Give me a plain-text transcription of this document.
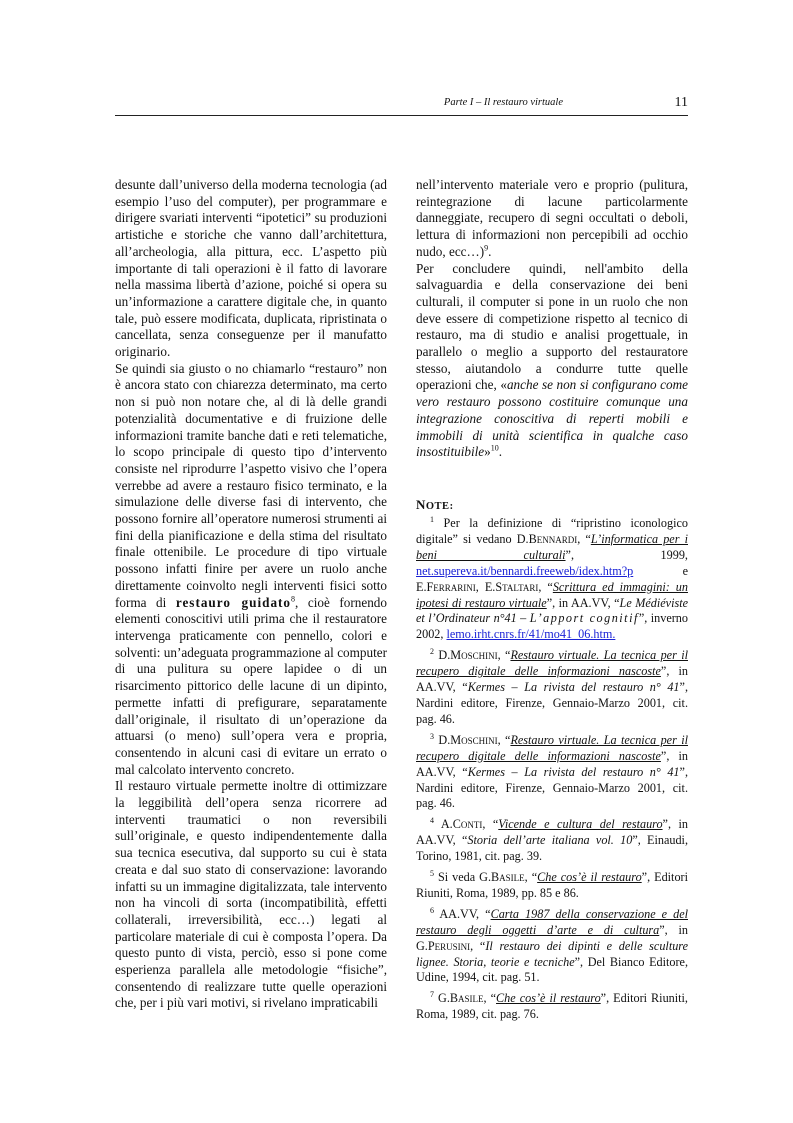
Parte I – Il restauro virtuale	11

desunte dall’universo della moderna tecnologia (ad esempio l’uso del computer), per programmare e dirigere svariati interventi “ipotetici” su produzioni artistiche e storiche che vanno dall’architettura, all’archeologia, alla pittura, ecc. L’aspetto più importante di tali operazioni è il fatto di lavorare nella massima libertà d’azione, poiché si opera su un’informazione a carattere digitale che, in quanto tale, può essere modificata, duplicata, ripristinata o cancellata, senza conseguenze per il manufatto originario.

Se quindi sia giusto o no chiamarlo “restauro” non è ancora stato con chiarezza determinato, ma certo non si può non notare che, al di là delle grandi potenzialità documentative e di fruizione delle informazioni tramite banche dati e reti telematiche, lo scopo principale di questo tipo d’intervento consiste nel riprodurre l’aspetto visivo che l’opera verrebbe ad avere a restauro fisico terminato, e la simulazione delle diverse fasi di intervento, che possono fornire all’operatore numerosi strumenti ai fini della pianificazione e della stima del risultato finale ottenibile. Le procedure di tipo virtuale possono infatti finire per avere un ruolo anche direttamente coinvolto negli interventi fisici sotto forma di restauro guidato$^8$, cioè fornendo elementi conoscitivi utili prima che il restauratore intervenga praticamente con pennello, colori e solventi: un’adeguata programmazione al computer di una pulitura su opere lapidee o di un risarcimento pittorico delle lacune di un dipinto, permette infatti di prefigurare, separatamente dall’originale, il risultato di un’operazione da attuarsi (o meno) sull’opera vera e propria, consentendo in alcuni casi di evitare un errato o mal calcolato intervento concreto.

Il restauro virtuale permette inoltre di ottimizzare la leggibilità dell’opera senza ricorrere ad interventi traumatici o non reversibili sull’originale, e questo indipendentemente dalla sua tecnica esecutiva, dal supporto su cui è stata creata e dal suo stato di conservazione: lavorando infatti su un immagine digitalizzata, tale intervento non ha vincoli di sorta (incompatibilità, effetti collaterali, irreversibilità, ecc…) legati al particolare materiale di cui è composta l’opera. Da questo punto di vista, perciò, esso si pone come esperienza parallela alle metodologie “fisiche”, consentendo di realizzare tutte quelle operazioni che, per i più vari motivi, si rivelano impraticabili

nell’intervento materiale vero e proprio (pulitura, reintegrazione di lacune particolarmente danneggiate, recupero di segni occultati o deboli, lettura di informazioni non percepibili ad occhio nudo, ecc…)$^9$.

Per concludere quindi, nell'ambito della salvaguardia e della conservazione dei beni culturali, il computer si pone in un ruolo che non deve essere di competizione rispetto al tecnico di restauro, ma di studio e analisi progettuale, in parallelo o meglio a supporto del restauratore stesso, aiutandolo a condurre tutte quelle operazioni che, «anche se non si configurano come vero restauro possono costituire comunque una integrazione conoscitiva di reperti mobili e immobili di unità scientifica in qualche caso insostituibile»$^{10}$.

NOTE:

$^1$ Per la definizione di “ripristino iconologico digitale” si vedano D.Bennardi, “L’informatica per i beni culturali”, 1999, net.supereva.it/bennardi.freeweb/idex.htm?p e E.Ferrarini, E.Staltari, “Scrittura ed immagini: un ipotesi di restauro virtuale”, in AA.VV, “Le Médiéviste et l’Ordinateur n°41 – L’apport cognitif”, inverno 2002, lemo.irht.cnrs.fr/41/mo41_06.htm.

$^2$ D.Moschini, “Restauro virtuale. La tecnica per il recupero digitale delle informazioni nascoste”, in AA.VV, “Kermes – La rivista del restauro n° 41”, Nardini editore, Firenze, Gennaio-Marzo 2001, cit. pag. 46.

$^3$ D.Moschini, “Restauro virtuale. La tecnica per il recupero digitale delle informazioni nascoste”, in AA.VV, “Kermes – La rivista del restauro n° 41”, Nardini editore, Firenze, Gennaio-Marzo 2001, cit. pag. 46.

$^4$ A.Conti, “Vicende e cultura del restauro”, in AA.VV, “Storia dell’arte italiana vol. 10”, Einaudi, Torino, 1981, cit. pag. 39.

$^5$ Si veda G.Basile, “Che cos’è il restauro”, Editori Riuniti, Roma, 1989, pp. 85 e 86.

$^6$ AA.VV, “Carta 1987 della conservazione e del restauro degli oggetti d’arte e di cultura”, in G.Perusini, “Il restauro dei dipinti e delle sculture lignee. Storia, teorie e tecniche”, Del Bianco Editore, Udine, 1994, cit. pag. 51.

$^7$ G.Basile, “Che cos’è il restauro”, Editori Riuniti, Roma, 1989, cit. pag. 76.
